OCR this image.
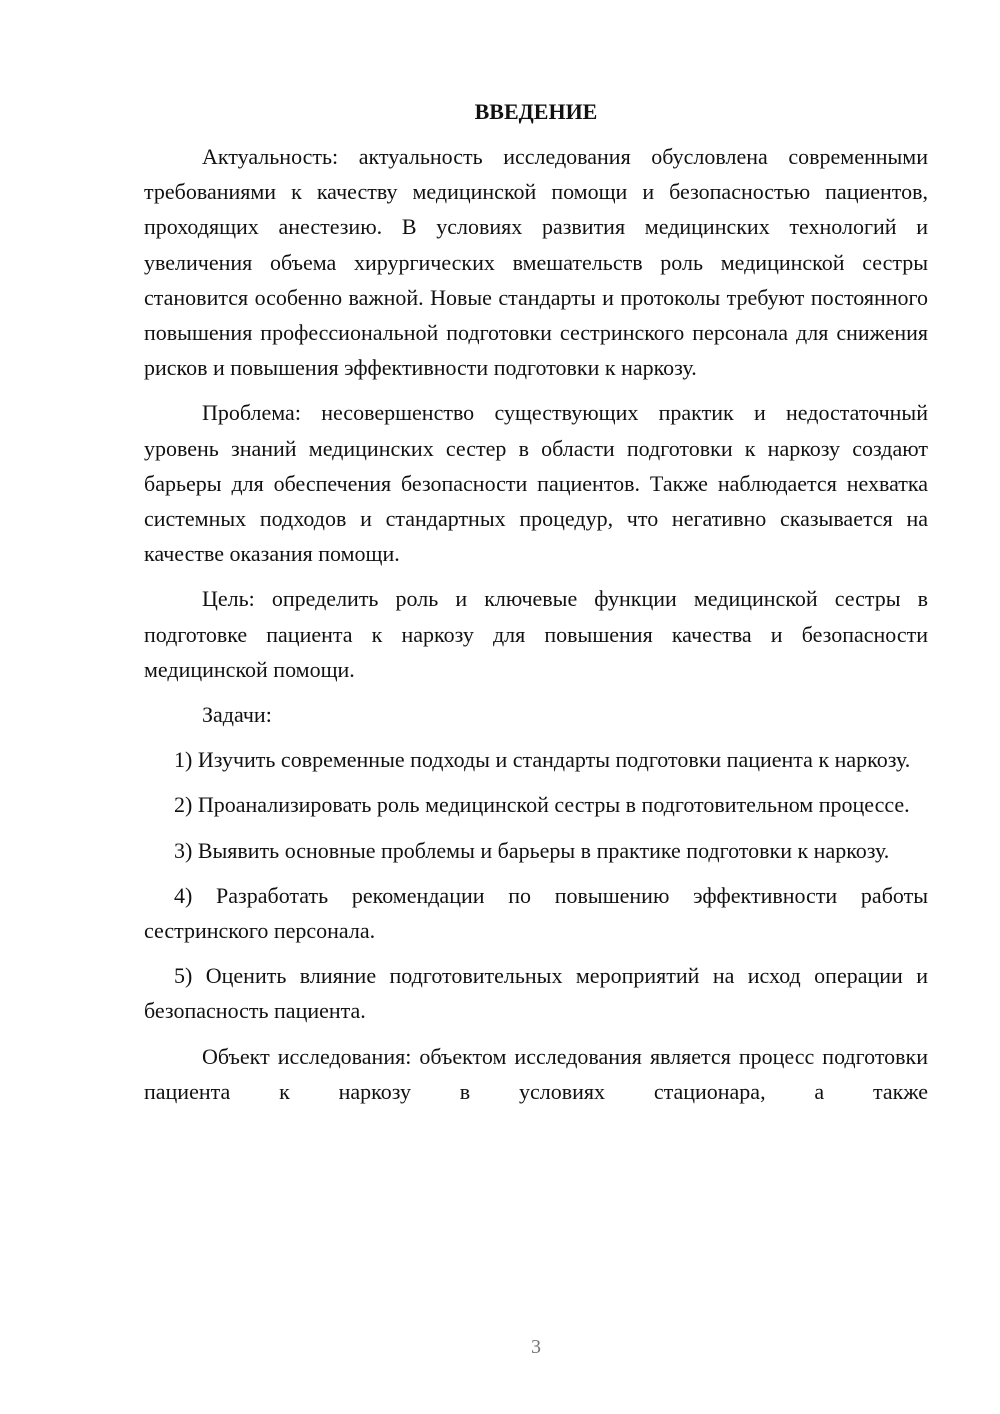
ВВЕДЕНИЕ

Актуальность: актуальность исследования обусловлена современными требованиями к качеству медицинской помощи и безопасностью пациентов, проходящих анестезию. В условиях развития медицинских технологий и увеличения объема хирургических вмешательств роль медицинской сестры становится особенно важной. Новые стандарты и протоколы требуют постоянного повышения профессиональной подготовки сестринского персонала для снижения рисков и повышения эффективности подготовки к наркозу.

Проблема: несовершенство существующих практик и недостаточный уровень знаний медицинских сестер в области подготовки к наркозу создают барьеры для обеспечения безопасности пациентов. Также наблюдается нехватка системных подходов и стандартных процедур, что негативно сказывается на качестве оказания помощи.

Цель: определить роль и ключевые функции медицинской сестры в подготовке пациента к наркозу для повышения качества и безопасности медицинской помощи.

Задачи:

1) Изучить современные подходы и стандарты подготовки пациента к наркозу.

2) Проанализировать роль медицинской сестры в подготовительном процессе.

3) Выявить основные проблемы и барьеры в практике подготовки к наркозу.

4) Разработать рекомендации по повышению эффективности работы сестринского персонала.

5) Оценить влияние подготовительных мероприятий на исход операции и безопасность пациента.

Объект исследования: объектом исследования является процесс подготовки пациента к наркозу в условиях стационара, а также

3
